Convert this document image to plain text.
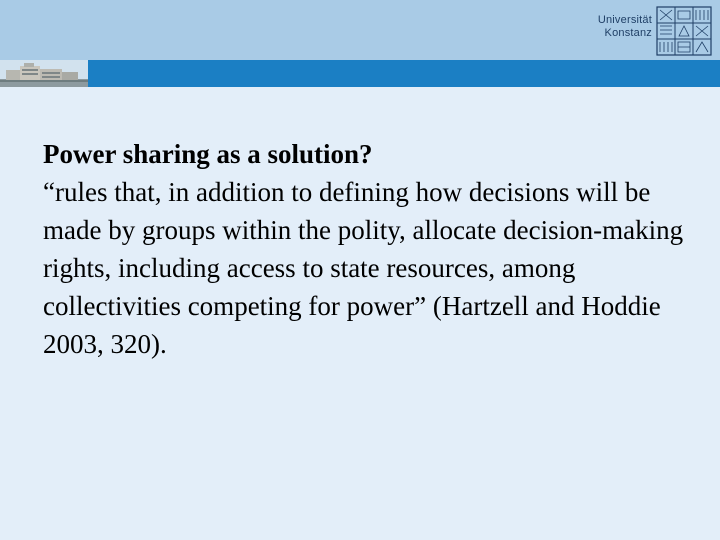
Universität
Konstanz
Power sharing as a solution?
“rules that, in addition to defining how decisions will be made by groups within the polity, allocate decision-making rights, including access to state resources, among collectivities competing for power” (Hartzell and Hoddie 2003, 320).
